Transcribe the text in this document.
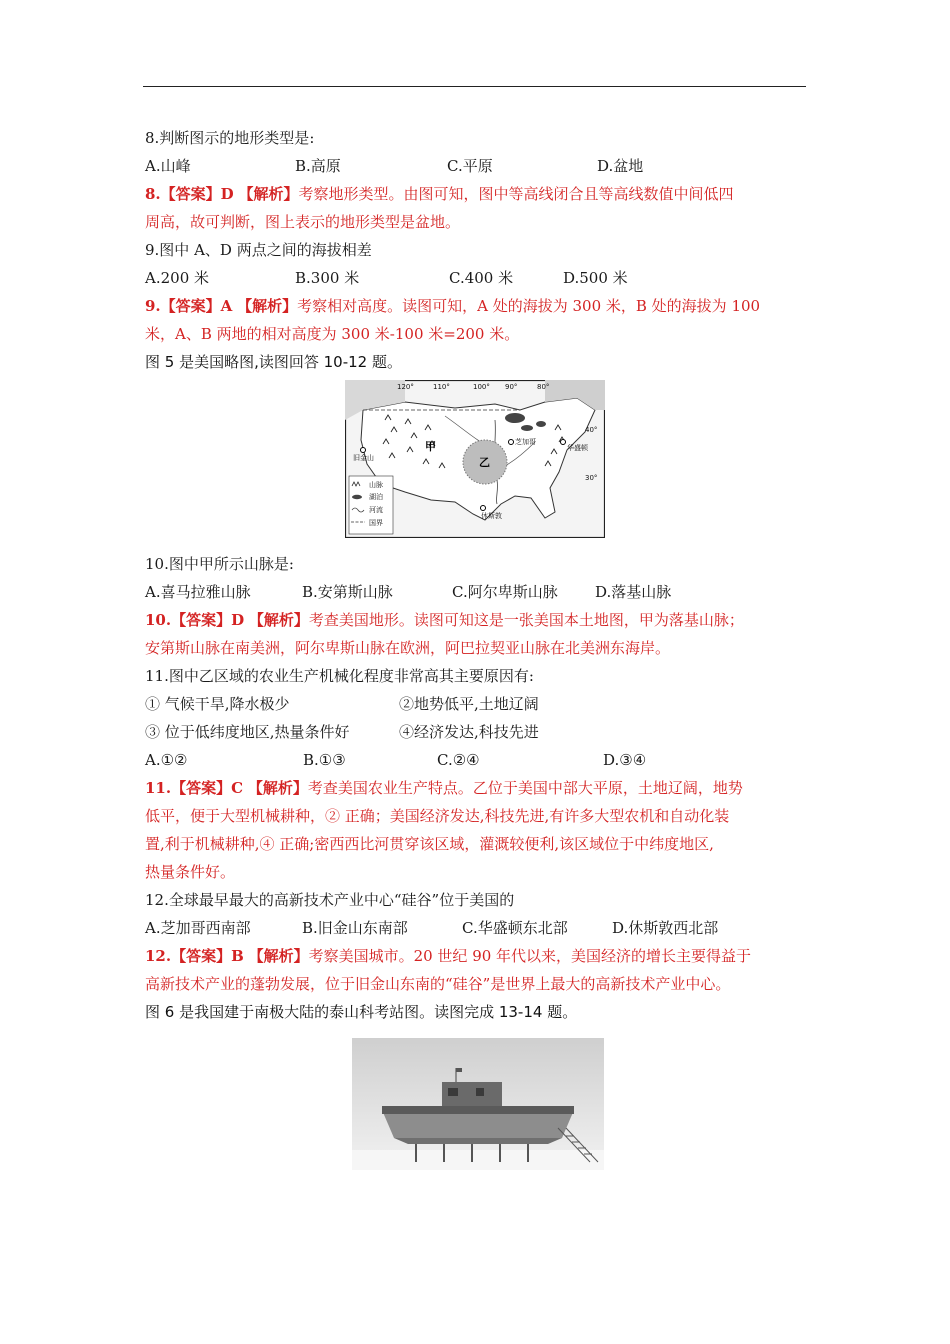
8.判断图示的地形类型是:
A.山峰	B.高原	C.平原	D.盆地
8.【答案】D 【解析】考察地形类型。由图可知，图中等高线闭合且等高线数值中间低四
周高，故可判断，图上表示的地形类型是盆地。
9.图中 A、D 两点之间的海拔相差
A.200 米	B.300 米	C.400 米	D.500 米
9.【答案】A 【解析】考察相对高度。读图可知，A 处的海拔为 300 米，B 处的海拔为 100
米，A、B 两地的相对高度为 300 米-100 米=200 米。
图 5 是美国略图,读图回答 10-12 题。
120°	110°	100° 90°	80°
40°
30°
甲
乙
芝加哥
华盛顿
旧金山
休斯敦
山脉
湖泊
河流
国界
10.图中甲所示山脉是:
A.喜马拉雅山脉	B.安第斯山脉	C.阿尔卑斯山脉	D.落基山脉
10.【答案】D 【解析】考查美国地形。读图可知这是一张美国本土地图，甲为落基山脉；
安第斯山脉在南美洲，阿尔卑斯山脉在欧洲，阿巴拉契亚山脉在北美洲东海岸。
11.图中乙区域的农业生产机械化程度非常高其主要原因有:
① 气候干旱,降水极少	②地势低平,土地辽阔
③ 位于低纬度地区,热量条件好	④经济发达,科技先进
A.①②	B.①③	C.②④	D.③④
11.【答案】C 【解析】考查美国农业生产特点。乙位于美国中部大平原，土地辽阔，地势
低平，便于大型机械耕种，② 正确；美国经济发达,科技先进,有许多大型农机和自动化装
置,利于机械耕种,④ 正确;密西西比河贯穿该区域，灌溉较便利,该区域位于中纬度地区,
热量条件好。
12.全球最早最大的高新技术产业中心“硅谷”位于美国的
A.芝加哥西南部	B.旧金山东南部	C.华盛顿东北部	D.休斯敦西北部
12.【答案】B 【解析】考察美国城市。20 世纪 90 年代以来，美国经济的增长主要得益于
高新技术产业的蓬勃发展，位于旧金山东南的“硅谷”是世界上最大的高新技术产业中心。
图 6 是我国建于南极大陆的泰山科考站图。读图完成 13-14 题。
